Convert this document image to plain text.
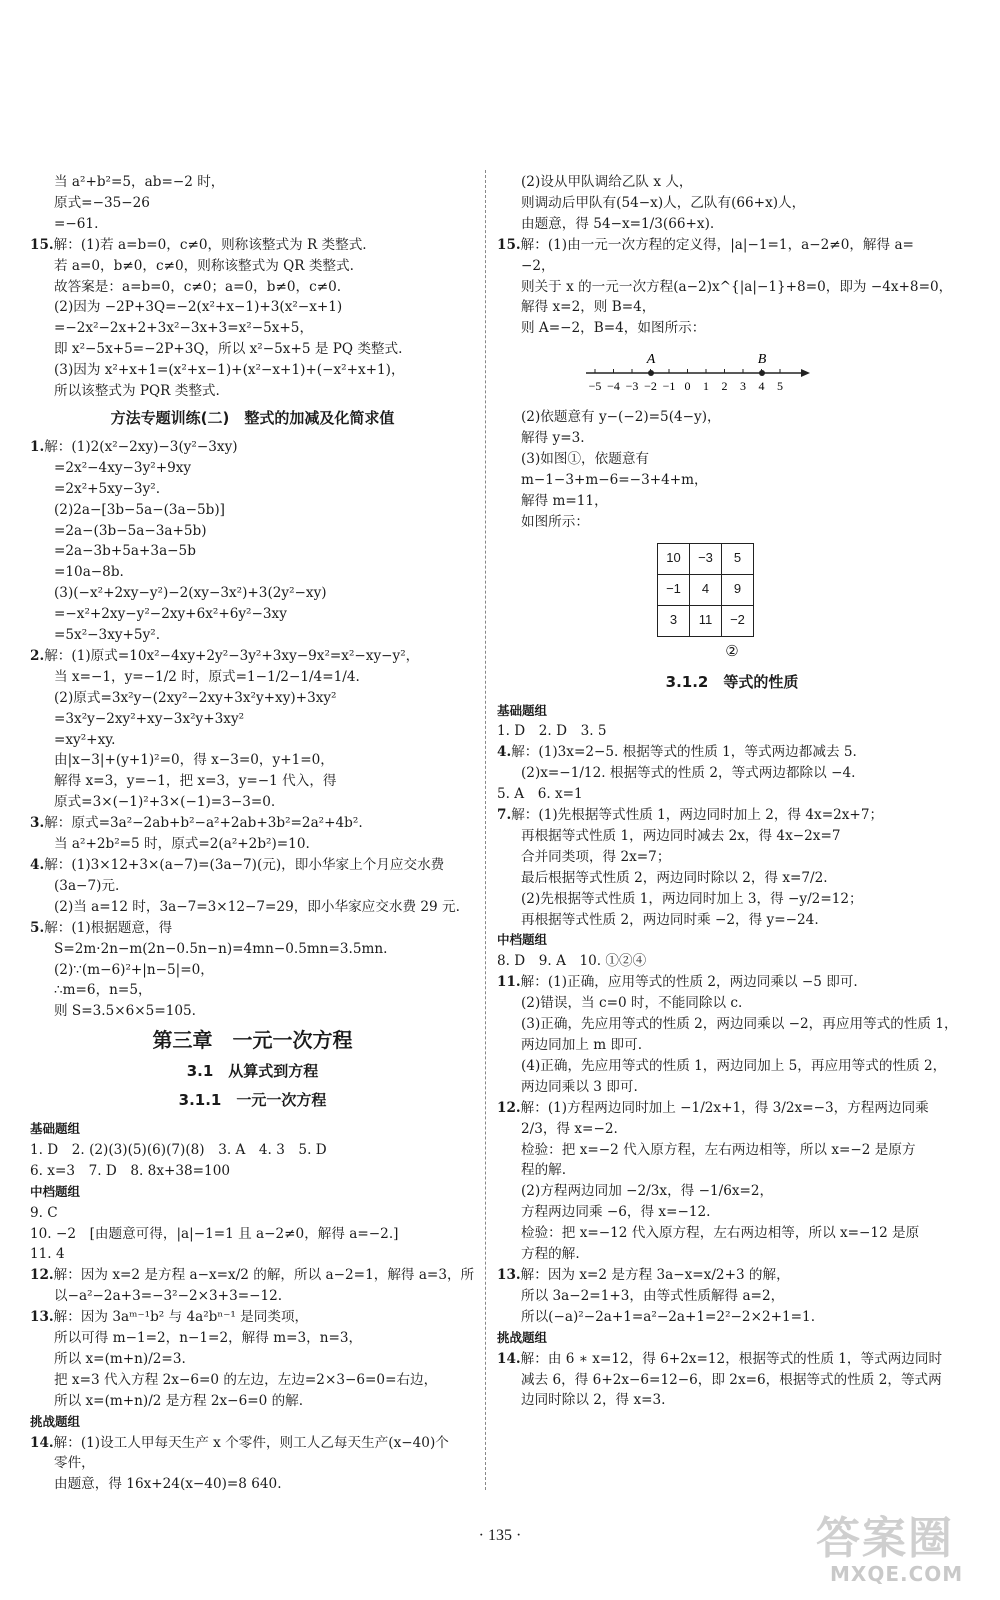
当 a²+b²=5，ab=−2 时，
原式=−35−26
=−61.
15.解：(1)若 a=b=0，c≠0，则称该整式为 R 类整式.
若 a=0，b≠0，c≠0，则称该整式为 QR 类整式.
故答案是：a=b=0，c≠0；a=0，b≠0，c≠0.
(2)因为 −2P+3Q=−2(x²+x−1)+3(x²−x+1)
=−2x²−2x+2+3x²−3x+3=x²−5x+5，
即 x²−5x+5=−2P+3Q，所以 x²−5x+5 是 PQ 类整式.
(3)因为 x²+x+1=(x²+x−1)+(x²−x+1)+(−x²+x+1)，
所以该整式为 PQR 类整式.
方法专题训练(二)　整式的加减及化简求值
1.解：(1)2(x²−2xy)−3(y²−3xy)
=2x²−4xy−3y²+9xy
=2x²+5xy−3y².
(2)2a−[3b−5a−(3a−5b)]
=2a−(3b−5a−3a+5b)
=2a−3b+5a+3a−5b
=10a−8b.
(3)(−x²+2xy−y²)−2(xy−3x²)+3(2y²−xy)
=−x²+2xy−y²−2xy+6x²+6y²−3xy
=5x²−3xy+5y².
2.解：(1)原式=10x²−4xy+2y²−3y²+3xy−9x²=x²−xy−y²，
当 x=−1，y=−1/2 时，原式=1−1/2−1/4=1/4.
(2)原式=3x²y−(2xy²−2xy+3x²y+xy)+3xy²
=3x²y−2xy²+xy−3x²y+3xy²
=xy²+xy.
由|x−3|+(y+1)²=0，得 x−3=0，y+1=0，
解得 x=3，y=−1，把 x=3，y=−1 代入，得
原式=3×(−1)²+3×(−1)=3−3=0.
3.解：原式=3a²−2ab+b²−a²+2ab+3b²=2a²+4b².
当 a²+2b²=5 时，原式=2(a²+2b²)=10.
4.解：(1)3×12+3×(a−7)=(3a−7)(元)，即小华家上个月应交水费
(3a−7)元.
(2)当 a=12 时，3a−7=3×12−7=29，即小华家应交水费 29 元.
5.解：(1)根据题意，得
S=2m·2n−m(2n−0.5n−n)=4mn−0.5mn=3.5mn.
(2)∵(m−6)²+|n−5|=0，
∴m=6，n=5，
则 S=3.5×6×5=105.
第三章　一元一次方程
3.1　从算式到方程
3.1.1　一元一次方程
基础题组
1. D　2. (2)(3)(5)(6)(7)(8)　3. A　4. 3　5. D
6. x=3　7. D　8. 8x+38=100
中档题组
9. C
10. −2　[由题意可得，|a|−1=1 且 a−2≠0，解得 a=−2.]
11. 4
12.解：因为 x=2 是方程 a−x=x/2 的解，所以 a−2=1，解得 a=3，所
以−a²−2a+3=−3²−2×3+3=−12.
13.解：因为 3aᵐ⁻¹b² 与 4a²bⁿ⁻¹ 是同类项，
所以可得 m−1=2，n−1=2，解得 m=3，n=3，
所以 x=(m+n)/2=3.
把 x=3 代入方程 2x−6=0 的左边，左边=2×3−6=0=右边，
所以 x=(m+n)/2 是方程 2x−6=0 的解.
挑战题组
14.解：(1)设工人甲每天生产 x 个零件，则工人乙每天生产(x−40)个
零件，
由题意，得 16x+24(x−40)=8 640.
(2)设从甲队调给乙队 x 人，
则调动后甲队有(54−x)人，乙队有(66+x)人，
由题意，得 54−x=1/3(66+x).
15.解：(1)由一元一次方程的定义得，|a|−1=1，a−2≠0，解得 a=
−2，
则关于 x 的一元一次方程(a−2)x^{|a|−1}+8=0，即为 −4x+8=0，
解得 x=2，则 B=4，
则 A=−2，B=4，如图所示：
−5 −4 −3 −2 −1 0 1 2 3 4 5
A	B
(2)依题意有 y−(−2)=5(4−y)，
解得 y=3.
(3)如图①，依题意有
m−1−3+m−6=−3+4+m，
解得 m=11，
如图所示：
10	−3	5
−1	4	9
3	11	−2
②
3.1.2　等式的性质
基础题组
1. D　2. D　3. 5
4.解：(1)3x=2−5. 根据等式的性质 1，等式两边都减去 5.
(2)x=−1/12. 根据等式的性质 2，等式两边都除以 −4.
5. A　6. x=1
7.解：(1)先根据等式性质 1，两边同时加上 2，得 4x=2x+7；
再根据等式性质 1，两边同时减去 2x，得 4x−2x=7
合并同类项，得 2x=7；
最后根据等式性质 2，两边同时除以 2，得 x=7/2.
(2)先根据等式性质 1，两边同时加上 3，得 −y/2=12；
再根据等式性质 2，两边同时乘 −2，得 y=−24.
中档题组
8. D　9. A　10. ①②④
11.解：(1)正确，应用等式的性质 2，两边同乘以 −5 即可.
(2)错误，当 c=0 时，不能同除以 c.
(3)正确，先应用等式的性质 2，两边同乘以 −2，再应用等式的性质 1，
两边同加上 m 即可.
(4)正确，先应用等式的性质 1，两边同加上 5，再应用等式的性质 2，
两边同乘以 3 即可.
12.解：(1)方程两边同时加上 −1/2x+1，得 3/2x=−3，方程两边同乘
2/3，得 x=−2.
检验：把 x=−2 代入原方程，左右两边相等，所以 x=−2 是原方
程的解.
(2)方程两边同加 −2/3x，得 −1/6x=2，
方程两边同乘 −6，得 x=−12.
检验：把 x=−12 代入原方程，左右两边相等，所以 x=−12 是原
方程的解.
13.解：因为 x=2 是方程 3a−x=x/2+3 的解，
所以 3a−2=1+3，由等式性质解得 a=2，
所以(−a)²−2a+1=a²−2a+1=2²−2×2+1=1.
挑战题组
14.解：由 6 ∗ x=12，得 6+2x=12，根据等式的性质 1，等式两边同时
减去 6，得 6+2x−6=12−6，即 2x=6，根据等式的性质 2，等式两
边同时除以 2，得 x=3.
· 135 ·	答案圈
MXQE.COM
